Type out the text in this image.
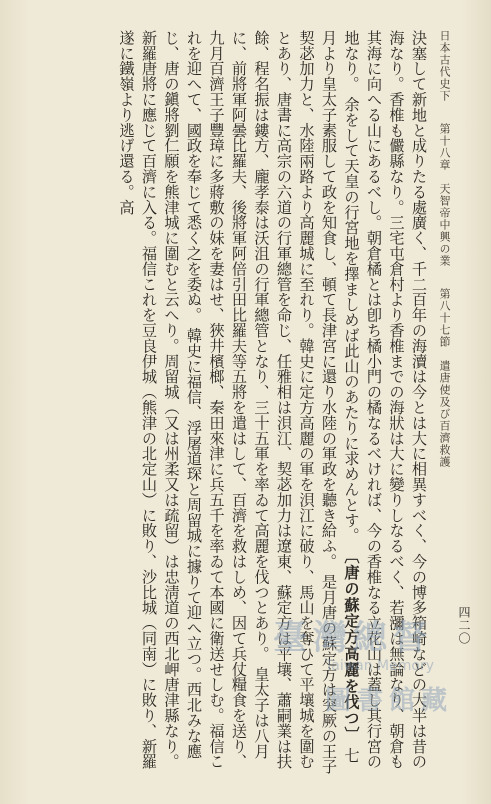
日本古代史下 　 第十八章　天智帝中興の業 　 第八十七節　遣唐使及び百濟救護
四二〇
決塞して新地と成りたる處廣く、千二百年の海瀆は今とは大に相異すべく、今の博多箱崎などの大半は昔の海なり。香椎も儼縣なり。三宅屯倉村より香椎までの海狀は大に變りしなるべく、若瀰は無論なり、朝倉も其海に向へる山にあるべし。朝倉橘とは卽ち橘小門の橘なるべければ、今の香椎なる立花山は蓋し其行宮の地なり。 余をして天皇の行宮地を擇ましめば此山のあたりに求めんとす。 〔唐の蘇定方高麗を伐つ〕 七月より皇太子素服して政を知食し、頓て長津宮に還り水陸の軍政を聽き給ふ。 是月唐の蘇定方は突厥の王子契苾加力と、水陸兩路より高麗城に至れり。韓史に定方高麗の軍を浿江に破り、馬山を奪ひて平壤城を圍むとあり、唐書に高宗の六道の行軍總管を命じ、任雅相は浿江、契苾加力は遼東、蘇定方は平壤、蕭嗣業は扶餘、程名振は鏤方、龐孝泰は沃沮の行軍總管となり、三十五軍を率ゐて高麗を伐つとあり。 皇太子は八月に、前將軍阿曇比羅夫、後將軍阿倍引田比羅夫等五將を遣はして、百濟を救はしめ、因て兵仗糧食を送り、九月百濟王子豐璋に多蔣敷の妹を妻はせ、狹井檳榔、秦田來津に兵五千を率ゐて本國に衛送せしむ。福信これを迎へて、國政を奉じて悉く之を委ぬ。 韓史に福信、浮屠道琛と周留城に據りて迎へ立つ。西北みな應じ、唐の鎭將劉仁願を熊津城に圍むと云へり。周留城（又は州柔又は疏留）は忠淸道の西北岬唐津縣なり。新羅唐將に應じて百濟に入る。福信これを豆良伊城（熊津の北定山）に敗り、沙比城（同南）に敗り、新羅遂に鐵嶺より逃げ還る。高
臺灣總督
圖書館藏
Taiwan Memory
